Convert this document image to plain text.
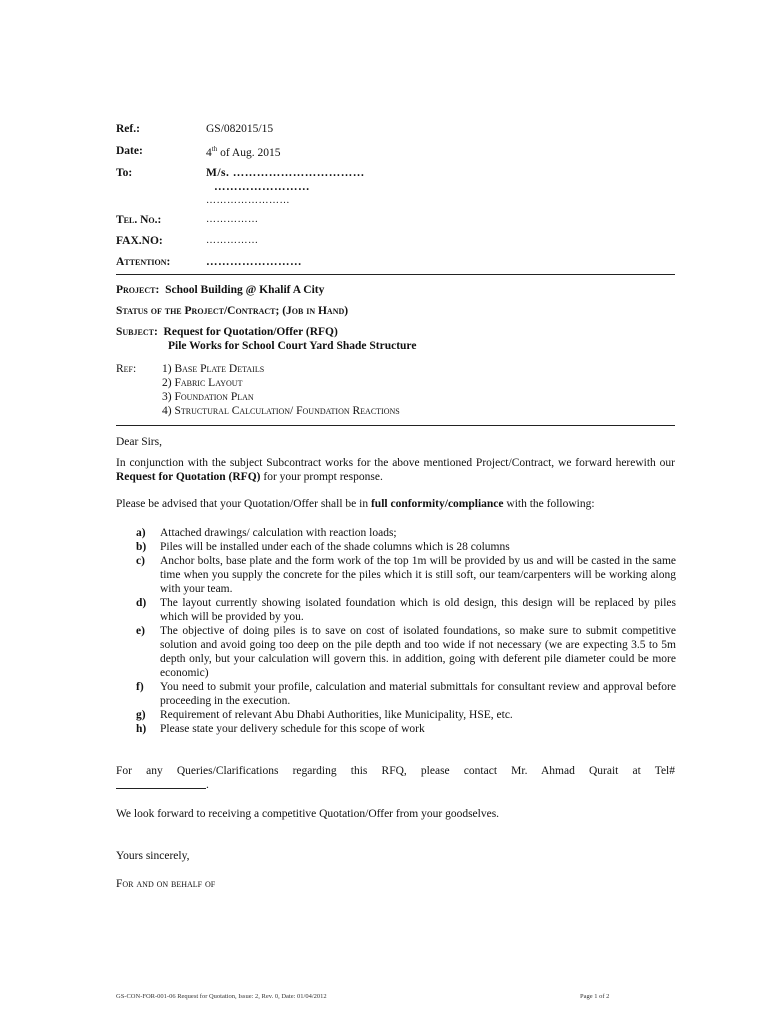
Ref.:	GS/082015/15
Date:	4th of Aug. 2015
To:	M/s. ……………………………
……………………
……………………
Tel. No.:	……………
FAX.NO:	……………
Attention:	……………………
Project: School Building @ Khalif A City
Status of the Project/Contract; (Job in Hand)
Subject: Request for Quotation/Offer (RFQ)
Pile Works for School Court Yard Shade Structure
Ref: 1) Base Plate Details
2) Fabric Layout
3) Foundation Plan
4) Structural Calculation/ Foundation Reactions
Dear Sirs,
In conjunction with the subject Subcontract works for the above mentioned Project/Contract, we forward herewith our Request for Quotation (RFQ) for your prompt response.
Please be advised that your Quotation/Offer shall be in full conformity/compliance with the following:
a)	Attached drawings/ calculation with reaction loads;
b)	Piles will be installed under each of the shade columns which is 28 columns
c)	Anchor bolts, base plate and the form work of the top 1m will be provided by us and will be casted in the same time when you supply the concrete for the piles which it is still soft, our team/carpenters will be working along with your team.
d)	The layout currently showing isolated foundation which is old design, this design will be replaced by piles which will be provided by you.
e)	The objective of doing piles is to save on cost of isolated foundations, so make sure to submit competitive solution and avoid going too deep on the pile depth and too wide if not necessary (we are expecting 3.5 to 5m depth only, but your calculation will govern this. in addition, going with deferent pile diameter could be more economic)
f)	You need to submit your profile, calculation and material submittals for consultant review and approval before proceeding in the execution.
g)	Requirement of relevant Abu Dhabi Authorities, like Municipality, HSE, etc.
h)	Please state your delivery schedule for this scope of work
For any Queries/Clarifications regarding this RFQ, please contact Mr. Ahmad Qurait at Tel#
.
We look forward to receiving a competitive Quotation/Offer from your goodselves.
Yours sincerely,
For and on behalf of
GS-CON-FOR-001-06 Request for Quotation, Issue: 2, Rev. 0, Date: 01/04/2012	Page 1 of 2
